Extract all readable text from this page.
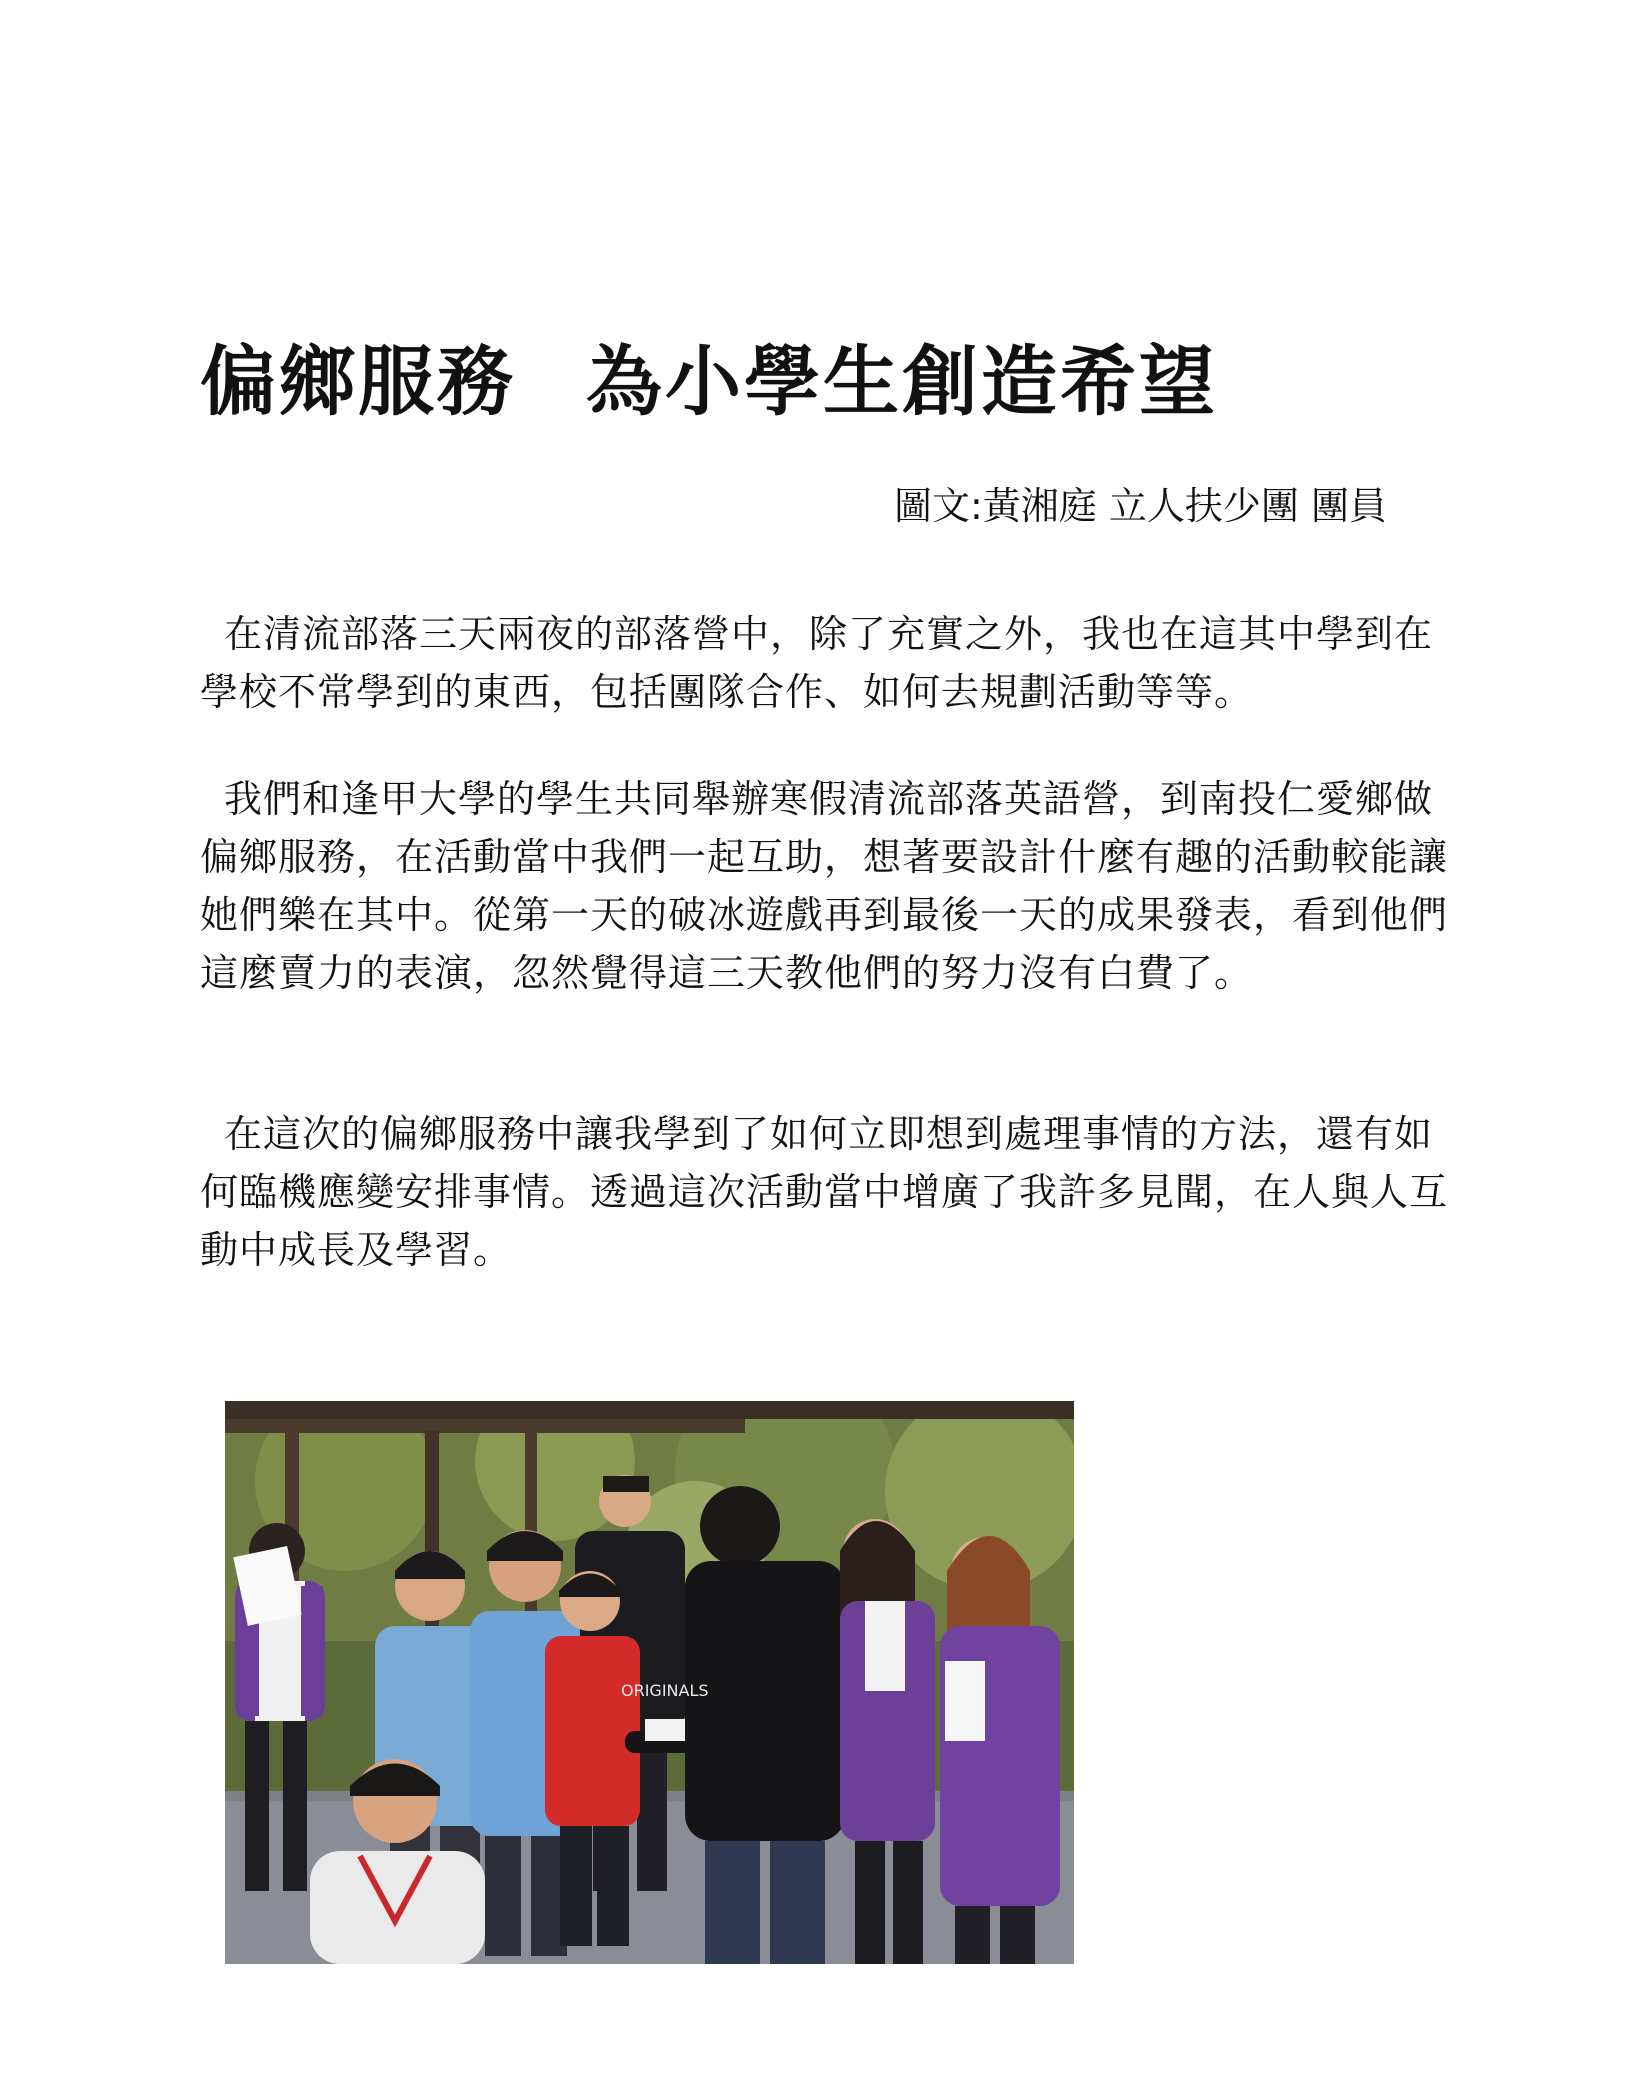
偏鄉服務 為小學生創造希望
圖文:黃湘庭 立人扶少團 團員

在清流部落三天兩夜的部落營中，除了充實之外，我也在這其中學到在學校不常學到的東西，包括團隊合作、如何去規劃活動等等。

我們和逢甲大學的學生共同舉辦寒假清流部落英語營，到南投仁愛鄉做偏鄉服務，在活動當中我們一起互助，想著要設計什麼有趣的活動較能讓她們樂在其中。從第一天的破冰遊戲再到最後一天的成果發表，看到他們這麼賣力的表演，忽然覺得這三天教他們的努力沒有白費了。

在這次的偏鄉服務中讓我學到了如何立即想到處理事情的方法，還有如何臨機應變安排事情。透過這次活動當中增廣了我許多見聞，在人與人互動中成長及學習。

ORIGINALS
